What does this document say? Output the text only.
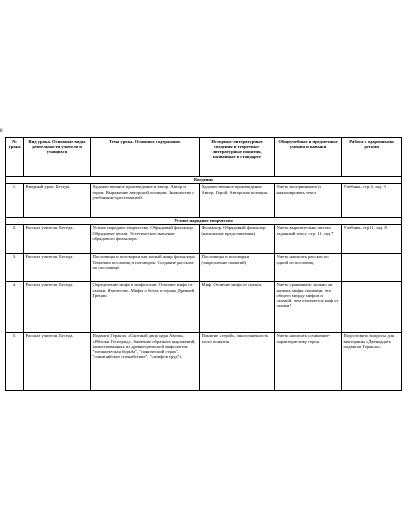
8
№ урока	Вид урока. Основные виды деятельности учителя и учащихся	Тема урока. Основное содержание.	Историко-литературные сведения и теоретико-литературные понятия, названные в стандарте	Общеучебные и предметные умения и навыки	Работа с одаренными детьми
Введение					
1.	Вводный урок. Беседа.	Художественное произведение и автор. Автор и герои. Выражение авторской позиции. Знакомство с учебником-хрестоматией.	Художественное произведение. Автор. Герой. Авторская позиция.	Уметь воспринимать и анализировать текст.	Учебник, стр.3, зад. 3
Устное народное творчество					
2.	Рассказ учителя. Беседа.	Устное народное творчество. Обрядовый фольклор. Обрядовые песни. Эстетическое значение обрядового фольклора.	Фольклор. Обрядовый фольклор (начальные представления).	Уметь выразительно читать заданный текст, стр. 11, зад.7	Учебник, стр11, зад. 8
3.	Рассказ учителя. Беседа.	Пословицы и поговорки как малый жанр фольклора. Тематика пословиц и поговорок. Создание рассказа по пословице.	Пословицы и поговорки (закрепление понятий)	Уметь написать рассказ по одной из пословиц.	
4.	Рассказ учителя. Беседа.	Определение мифа и мифологии. Отличие мифа от сказки. Язычество. Мифы о богах и героях Древней Греции.	Миф. Отличие мифа от сказки.	Уметь сравнивать: можно ли назвать мифы сказками, что общего между мифом и сказкой, чем отличается миф от сказки?	
5.	Рассказ учителя. Беседа.	Подвиги Геракла. «Скотный двор царя Авгия», «Яблоки Гесперид». Значение образных выражений, заимствованных из древнегреческой мифологии: "титаническая борьба", "панический страх", "олимпийское спокойствие", "сизифов труд").	Понятие «герой», многозначность этого понятия.	Уметь написать сочинение-характеристику героя.	Подготовить вопросы для викторины «Двенадцать подвигов Геракла».
